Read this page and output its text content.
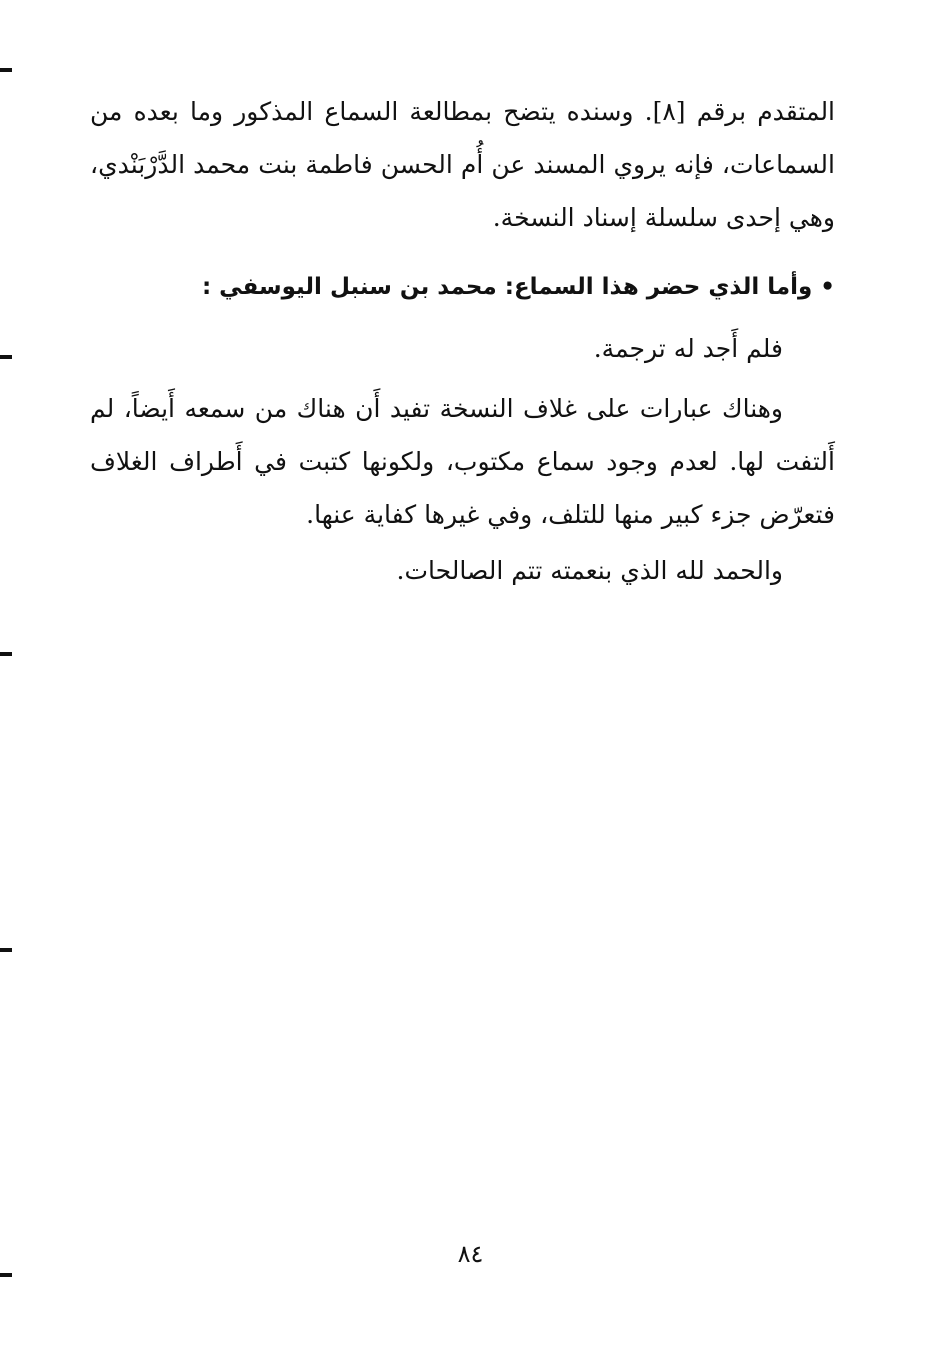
المتقدم برقم [٨]. وسنده يتضح بمطالعة السماع المذكور وما بعده من السماعات، فإنه يروي المسند عن أُم الحسن فاطمة بنت محمد الدَّرْبَنْدي، وهي إحدى سلسلة إسناد النسخة.

• وأما الذي حضر هذا السماع: محمد بن سنبل اليوسفي :

فلم أَجد له ترجمة.

وهناك عبارات على غلاف النسخة تفيد أَن هناك من سمعه أَيضاً، لم أَلتفت لها. لعدم وجود سماع مكتوب، ولكونها كتبت في أَطراف الغلاف فتعرّض جزء كبير منها للتلف، وفي غيرها كفاية عنها.

والحمد لله الذي بنعمته تتم الصالحات.

٨٤
